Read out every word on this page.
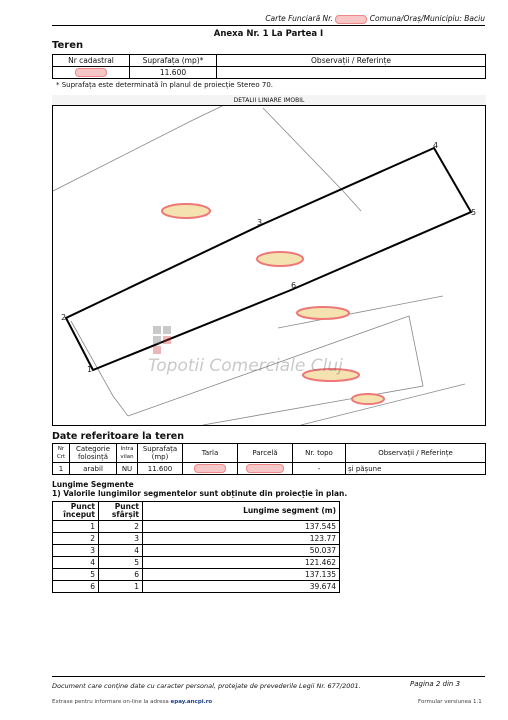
Carte Funciară Nr.	Comuna/Oraș/Municipiu: Baciu
Anexa Nr. 1 La Partea I
Teren
Nr cadastral	Suprafața (mp)*	Observații / Referințe
	11.600	
* Suprafața este determinată în planul de proiecție Stereo 70.
1
2
3
4
5
6
Topotii Comerciale Cluj
DETALII LINIARE IMOBIL
Date referitoare la teren
Nr Crt	Categorie folosință	Intra vilan	Suprafața (mp)	Tarla	Parcelă	Nr. topo	Observații / Referințe
1	arabil	NU	11.600			-	și pășune
Lungime Segmente
1) Valorile lungimilor segmentelor sunt obținute din proiecție în plan.
Punct început	Punct sfârșit	Lungime segment (m)
1	2	137.545
2	3	123.77
3	4	50.037
4	5	121.462
5	6	137.135
6	1	39.674
Document care conține date cu caracter personal, protejate de prevederile Legii Nr. 677/2001.	Pagina 2 din 3
Extrase pentru informare on-line la adresa epay.ancpi.ro	Formular versiunea 1.1
